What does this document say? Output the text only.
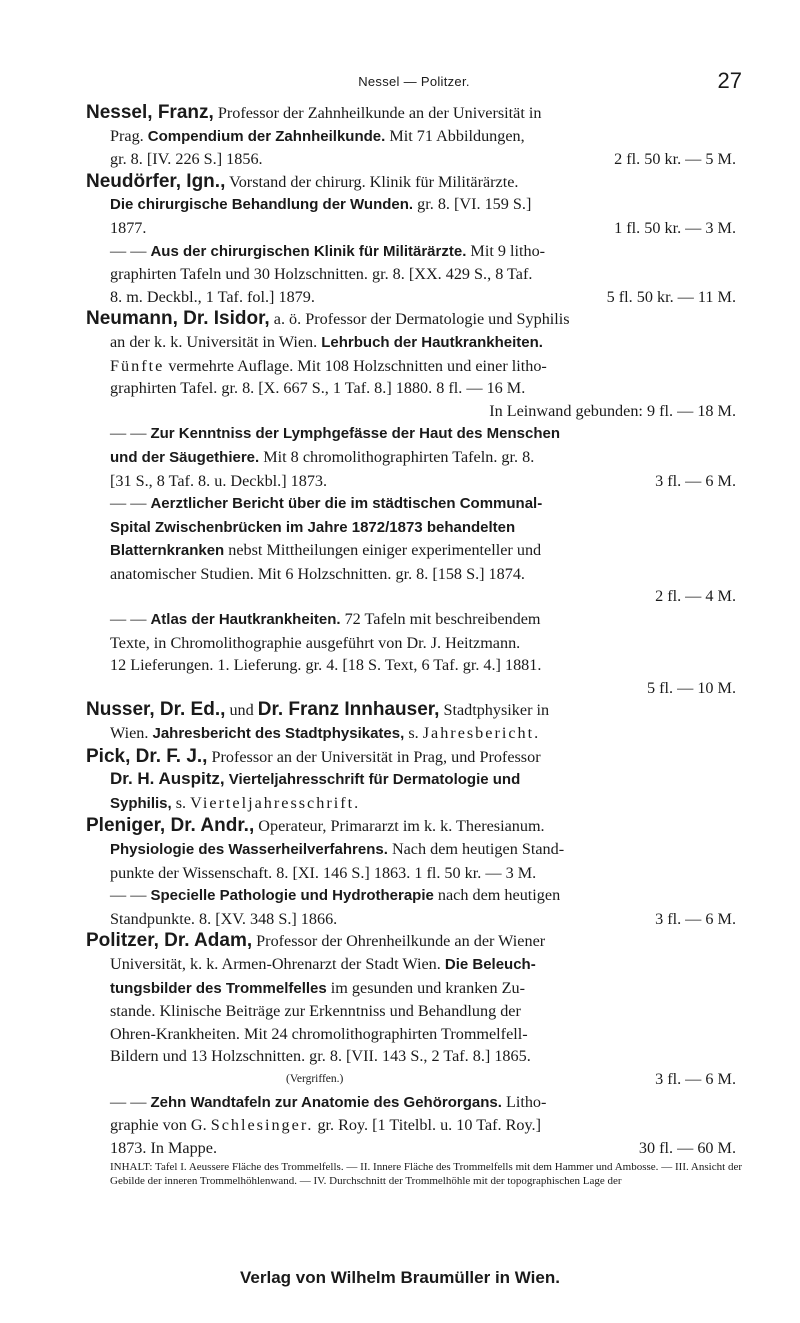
Nessel — Politzer.	27
Nessel, Franz, Professor der Zahnheilkunde an der Universität in
Prag. Compendium der Zahnheilkunde. Mit 71 Abbildungen,
gr. 8. [IV. 226 S.] 1856.	2 fl. 50 kr. — 5 M.
Neudörfer, Ign., Vorstand der chirurg. Klinik für Militärärzte.
Die chirurgische Behandlung der Wunden. gr. 8. [VI. 159 S.]
1877.	1 fl. 50 kr. — 3 M.
— — Aus der chirurgischen Klinik für Militärärzte. Mit 9 litho-
graphirten Tafeln und 30 Holzschnitten. gr. 8. [XX. 429 S., 8 Taf.
8. m. Deckbl., 1 Taf. fol.] 1879.	5 fl. 50 kr. — 11 M.
Neumann, Dr. Isidor, a. ö. Professor der Dermatologie und Syphilis
an der k. k. Universität in Wien. Lehrbuch der Hautkrankheiten.
Fünfte vermehrte Auflage. Mit 108 Holzschnitten und einer litho-
graphirten Tafel. gr. 8. [X. 667 S., 1 Taf. 8.] 1880. 8 fl. — 16 M.
In Leinwand gebunden: 9 fl. — 18 M.
— — Zur Kenntniss der Lymphgefässe der Haut des Menschen
und der Säugethiere. Mit 8 chromolithographirten Tafeln. gr. 8.
[31 S., 8 Taf. 8. u. Deckbl.] 1873.	3 fl. — 6 M.
— — Aerztlicher Bericht über die im städtischen Communal-
Spital Zwischenbrücken im Jahre 1872/1873 behandelten
Blatternkranken nebst Mittheilungen einiger experimenteller und
anatomischer Studien. Mit 6 Holzschnitten. gr. 8. [158 S.] 1874.
2 fl. — 4 M.
— — Atlas der Hautkrankheiten. 72 Tafeln mit beschreibendem
Texte, in Chromolithographie ausgeführt von Dr. J. Heitzmann.
12 Lieferungen. 1. Lieferung. gr. 4. [18 S. Text, 6 Taf. gr. 4.] 1881.
5 fl. — 10 M.
Nusser, Dr. Ed., und Dr. Franz Innhauser, Stadtphysiker in
Wien. Jahresbericht des Stadtphysikates, s. Jahresbericht.
Pick, Dr. F. J., Professor an der Universität in Prag, und Professor
Dr. H. Auspitz, Vierteljahresschrift für Dermatologie und
Syphilis, s. Vierteljahresschrift.
Pleniger, Dr. Andr., Operateur, Primararzt im k. k. Theresianum.
Physiologie des Wasserheilverfahrens. Nach dem heutigen Stand-
punkte der Wissenschaft. 8. [XI. 146 S.] 1863. 1 fl. 50 kr. — 3 M.
— — Specielle Pathologie und Hydrotherapie nach dem heutigen
Standpunkte. 8. [XV. 348 S.] 1866.	3 fl. — 6 M.
Politzer, Dr. Adam, Professor der Ohrenheilkunde an der Wiener
Universität, k. k. Armen-Ohrenarzt der Stadt Wien. Die Beleuch-
tungsbilder des Trommelfelles im gesunden und kranken Zu-
stande. Klinische Beiträge zur Erkenntniss und Behandlung der
Ohren-Krankheiten. Mit 24 chromolithographirten Trommelfell-
Bildern und 13 Holzschnitten. gr. 8. [VII. 143 S., 2 Taf. 8.] 1865.
(Vergriffen.)	3 fl. — 6 M.
— — Zehn Wandtafeln zur Anatomie des Gehörorgans. Litho-
graphie von G. Schlesinger. gr. Roy. [1 Titelbl. u. 10 Taf. Roy.]
1873. In Mappe.	30 fl. — 60 M.
INHALT: Tafel I. Aeussere Fläche des Trommelfells. — II. Innere Fläche des Trommelfells mit dem Hammer und Ambosse. — III. Ansicht der Gebilde der inneren Trommelhöhlenwand. — IV. Durchschnitt der Trommelhöhle mit der topographischen Lage der
Verlag von Wilhelm Braumüller in Wien.
